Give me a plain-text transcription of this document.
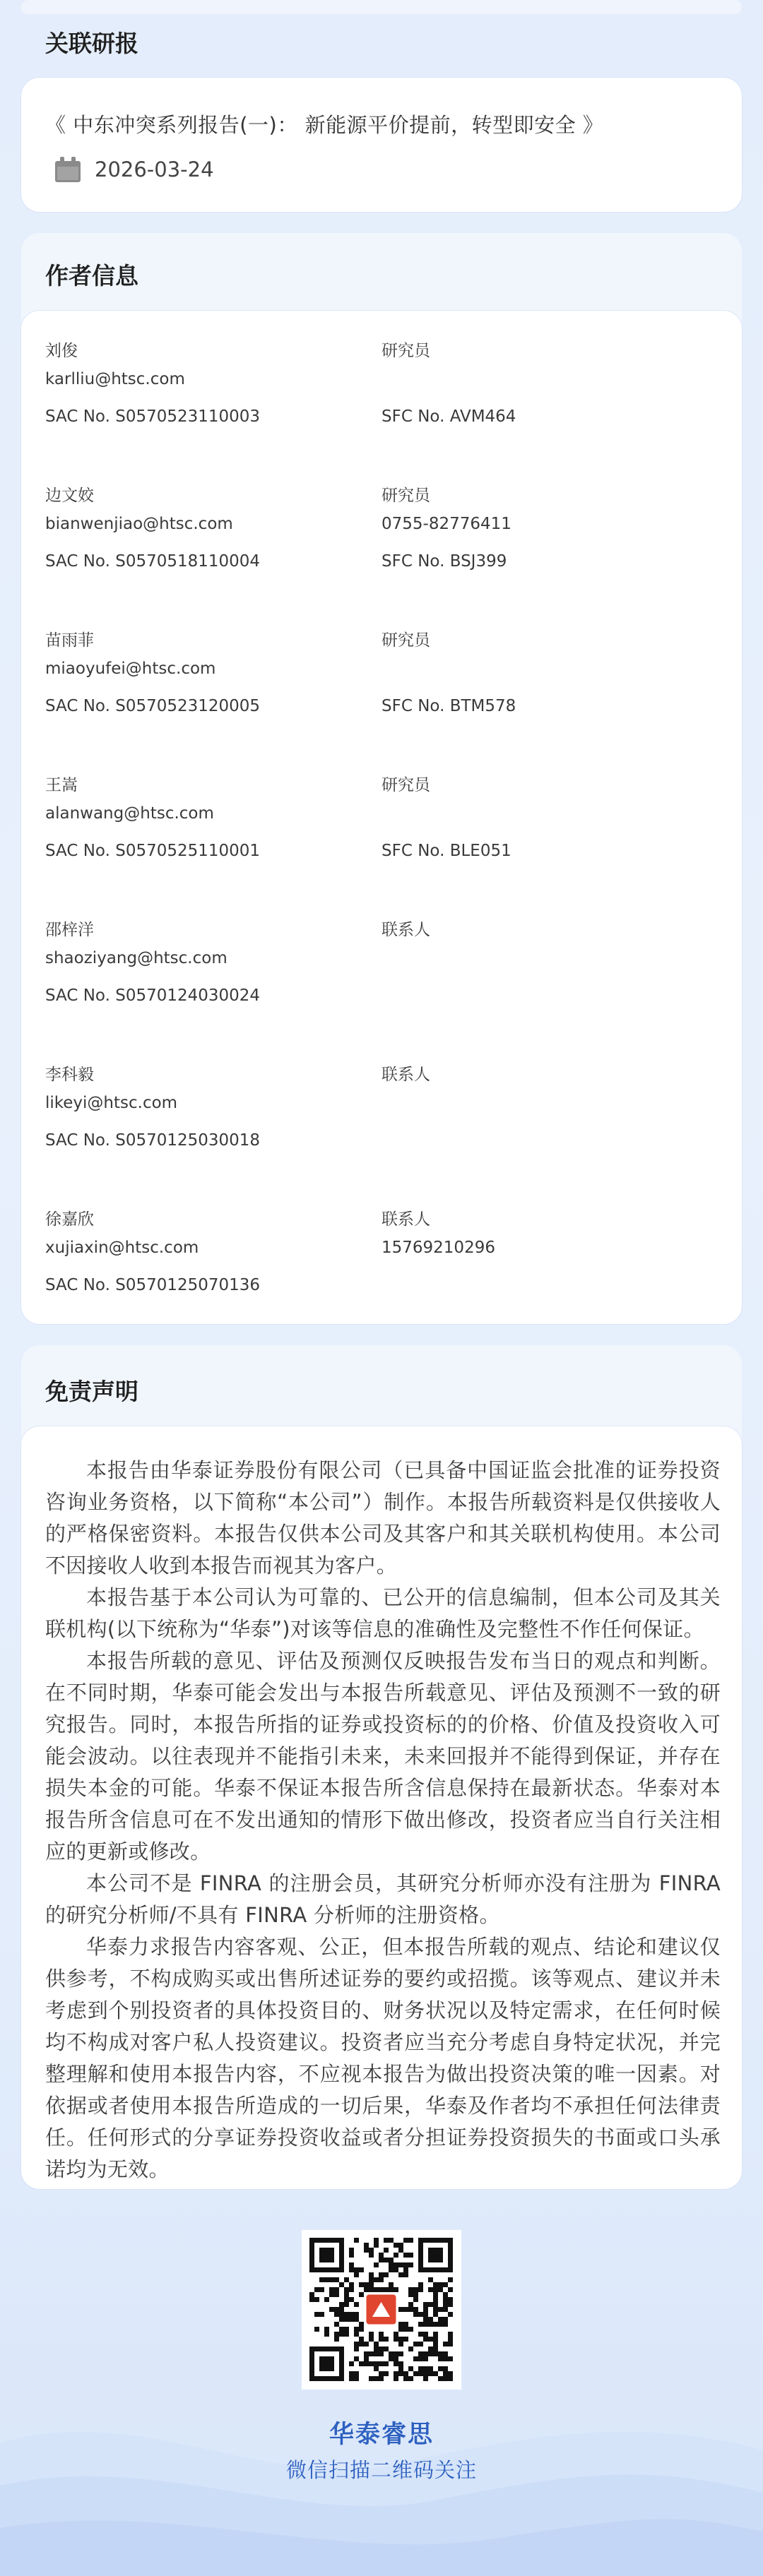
关联研报
《 中东冲突系列报告(一)： 新能源平价提前，转型即安全 》
2026-03-24
作者信息
刘俊	研究员
karlliu@htsc.com
SAC No. S0570523110003	SFC No. AVM464
边文姣	研究员
bianwenjiao@htsc.com	0755-82776411
SAC No. S0570518110004	SFC No. BSJ399
苗雨菲	研究员
miaoyufei@htsc.com
SAC No. S0570523120005	SFC No. BTM578
王嵩	研究员
alanwang@htsc.com
SAC No. S0570525110001	SFC No. BLE051
邵梓洋	联系人
shaoziyang@htsc.com
SAC No. S0570124030024
李科毅	联系人
likeyi@htsc.com
SAC No. S0570125030018
徐嘉欣	联系人
xujiaxin@htsc.com	15769210296
SAC No. S0570125070136
免责声明

本报告由华泰证券股份有限公司（已具备中国证监会批准的证券投资咨询业务资格，以下简称“本公司”）制作。本报告所载资料是仅供接收人的严格保密资料。本报告仅供本公司及其客户和其关联机构使用。本公司不因接收人收到本报告而视其为客户。

本报告基于本公司认为可靠的、已公开的信息编制，但本公司及其关联机构(以下统称为“华泰”)对该等信息的准确性及完整性不作任何保证。

本报告所载的意见、评估及预测仅反映报告发布当日的观点和判断。在不同时期，华泰可能会发出与本报告所载意见、评估及预测不一致的研究报告。同时，本报告所指的证券或投资标的的价格、价值及投资收入可能会波动。以往表现并不能指引未来，未来回报并不能得到保证，并存在损失本金的可能。华泰不保证本报告所含信息保持在最新状态。华泰对本报告所含信息可在不发出通知的情形下做出修改，投资者应当自行关注相应的更新或修改。

本公司不是 FINRA 的注册会员，其研究分析师亦没有注册为 FINRA 的研究分析师/不具有 FINRA 分析师的注册资格。

华泰力求报告内容客观、公正，但本报告所载的观点、结论和建议仅供参考，不构成购买或出售所述证券的要约或招揽。该等观点、建议并未考虑到个别投资者的具体投资目的、财务状况以及特定需求，在任何时候均不构成对客户私人投资建议。投资者应当充分考虑自身特定状况，并完整理解和使用本报告内容，不应视本报告为做出投资决策的唯一因素。对依据或者使用本报告所造成的一切后果，华泰及作者均不承担任何法律责任。任何形式的分享证券投资收益或者分担证券投资损失的书面或口头承诺均为无效。

华泰睿思
微信扫描二维码关注
